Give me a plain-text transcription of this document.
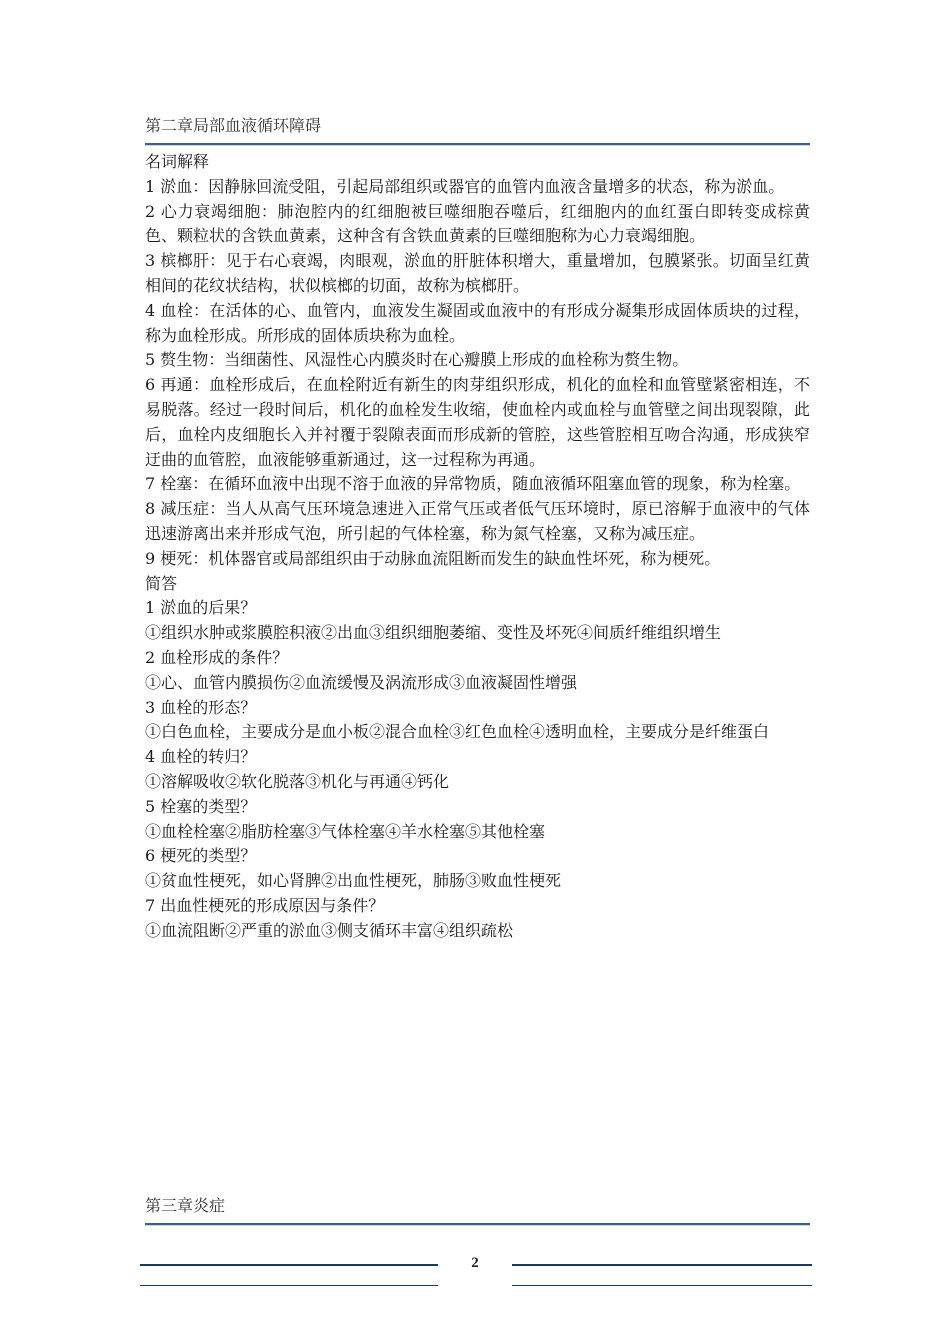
第二章局部血液循环障碍

名词解释

1 淤血：因静脉回流受阻，引起局部组织或器官的血管内血液含量增多的状态，称为淤血。

2 心力衰竭细胞：肺泡腔内的红细胞被巨噬细胞吞噬后，红细胞内的血红蛋白即转变成棕黄色、颗粒状的含铁血黄素，这种含有含铁血黄素的巨噬细胞称为心力衰竭细胞。

3 槟榔肝：见于右心衰竭，肉眼观，淤血的肝脏体积增大，重量增加，包膜紧张。切面呈红黄相间的花纹状结构，状似槟榔的切面，故称为槟榔肝。

4 血栓：在活体的心、血管内，血液发生凝固或血液中的有形成分凝集形成固体质块的过程，称为血栓形成。所形成的固体质块称为血栓。

5 赘生物：当细菌性、风湿性心内膜炎时在心瓣膜上形成的血栓称为赘生物。

6 再通：血栓形成后，在血栓附近有新生的肉芽组织形成，机化的血栓和血管壁紧密相连，不易脱落。经过一段时间后，机化的血栓发生收缩，使血栓内或血栓与血管壁之间出现裂隙，此后，血栓内皮细胞长入并衬覆于裂隙表面而形成新的管腔，这些管腔相互吻合沟通，形成狭窄迂曲的血管腔，血液能够重新通过，这一过程称为再通。

7 栓塞：在循环血液中出现不溶于血液的异常物质，随血液循环阻塞血管的现象，称为栓塞。

8 减压症：当人从高气压环境急速进入正常气压或者低气压环境时，原已溶解于血液中的气体迅速游离出来并形成气泡，所引起的气体栓塞，称为氮气栓塞，又称为减压症。

9 梗死：机体器官或局部组织由于动脉血流阻断而发生的缺血性坏死，称为梗死。

简答

1 淤血的后果？

①组织水肿或浆膜腔积液②出血③组织细胞萎缩、变性及坏死④间质纤维组织增生

2 血栓形成的条件？

①心、血管内膜损伤②血流缓慢及涡流形成③血液凝固性增强

3 血栓的形态？

①白色血栓，主要成分是血小板②混合血栓③红色血栓④透明血栓，主要成分是纤维蛋白

4 血栓的转归？

①溶解吸收②软化脱落③机化与再通④钙化

5 栓塞的类型？

①血栓栓塞②脂肪栓塞③气体栓塞④羊水栓塞⑤其他栓塞

6 梗死的类型？

①贫血性梗死，如心肾脾②出血性梗死，肺肠③败血性梗死

7 出血性梗死的形成原因与条件？

①血流阻断②严重的淤血③侧支循环丰富④组织疏松

第三章炎症
2
